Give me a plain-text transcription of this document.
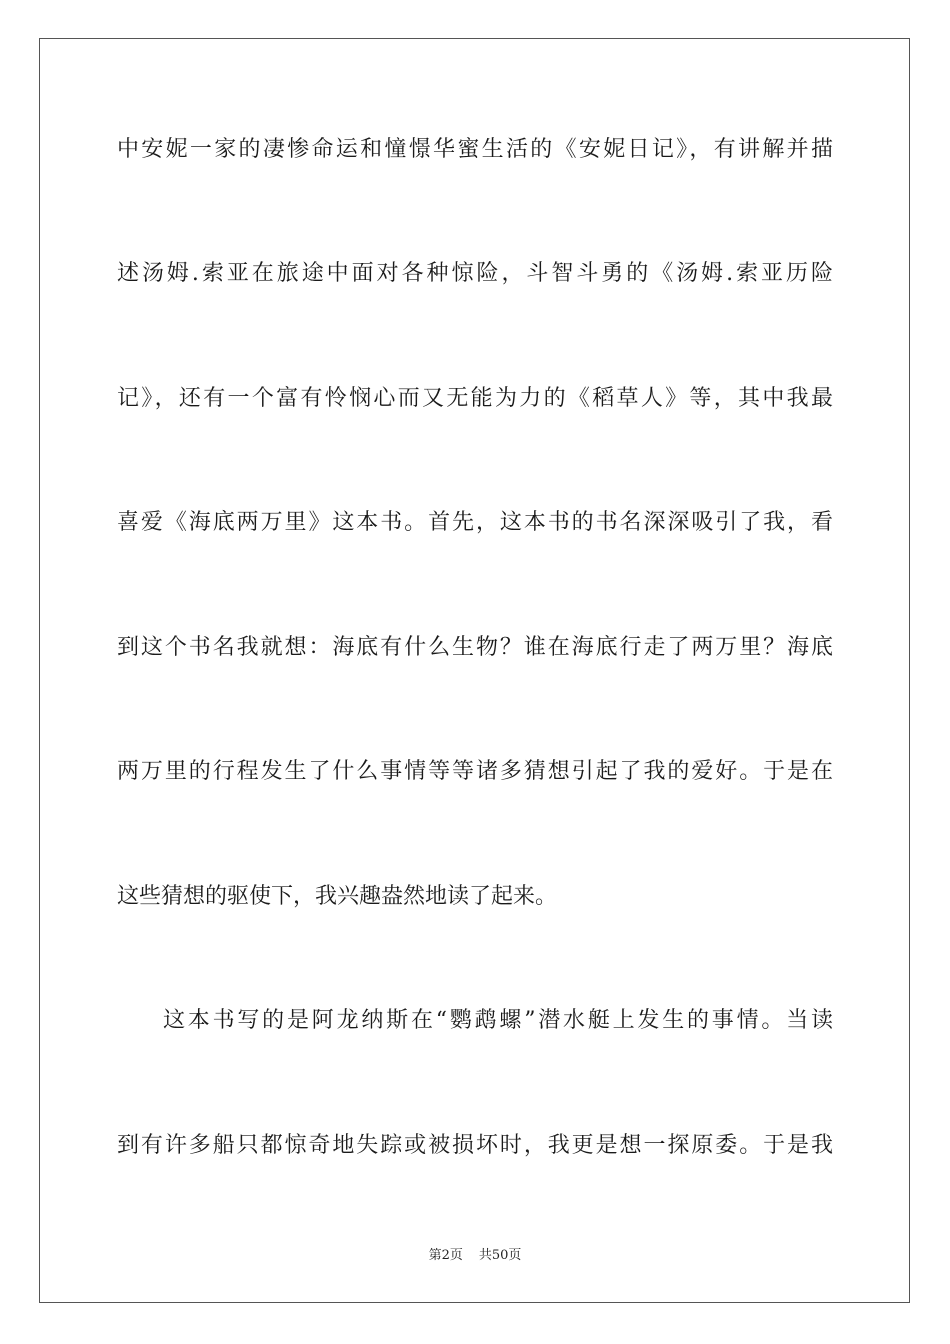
中安妮一家的凄惨命运和憧憬华蜜生活的《安妮日记》，有讲解并描
述汤姆.索亚在旅途中面对各种惊险，斗智斗勇的《汤姆.索亚历险
记》，还有一个富有怜悯心而又无能为力的《稻草人》等，其中我最
喜爱《海底两万里》这本书。首先，这本书的书名深深吸引了我，看
到这个书名我就想：海底有什么生物？谁在海底行走了两万里？海底
两万里的行程发生了什么事情等等诸多猜想引起了我的爱好。于是在
这些猜想的驱使下，我兴趣盎然地读了起来。
这本书写的是阿龙纳斯在“鹦鹉螺”潜水艇上发生的事情。当读
到有许多船只都惊奇地失踪或被损坏时，我更是想一探原委。于是我
第2页 共50页
